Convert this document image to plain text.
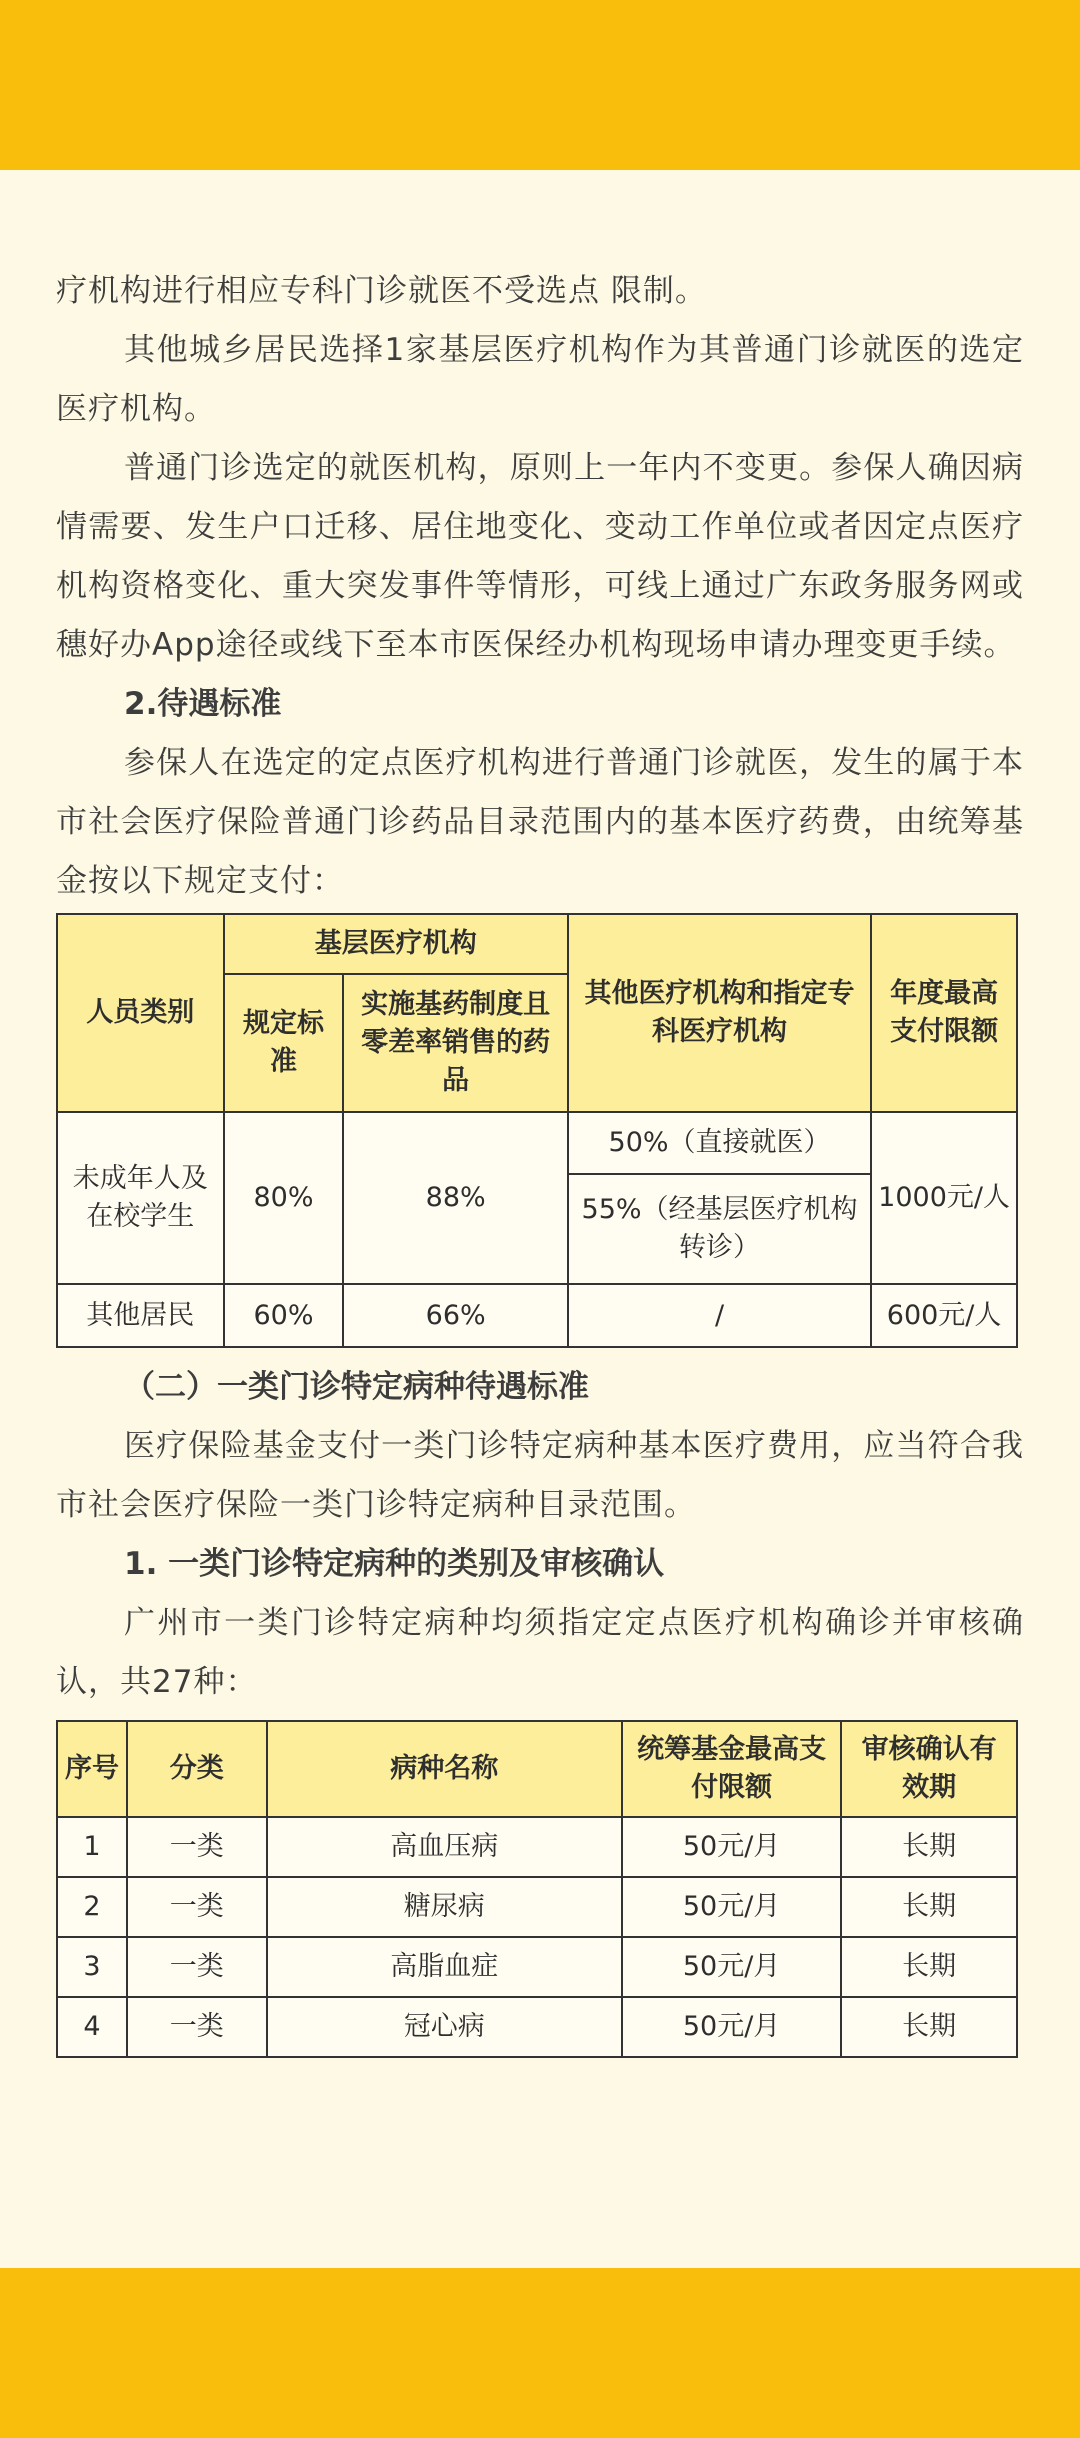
疗机构进行相应专科门诊就医不受选点 限制。

其他城乡居民选择1家基层医疗机构作为其普通门诊就医的选定医疗机构。

普通门诊选定的就医机构，原则上一年内不变更。参保人确因病情需要、发生户口迁移、居住地变化、变动工作单位或者因定点医疗机构资格变化、重大突发事件等情形，可线上通过广东政务服务网或穗好办App途径或线下至本市医保经办机构现场申请办理变更手续。

2.待遇标准

参保人在选定的定点医疗机构进行普通门诊就医，发生的属于本市社会医疗保险普通门诊药品目录范围内的基本医疗药费，由统筹基金按以下规定支付：

人员类别	基层医疗机构		其他医疗机构和指定专科医疗机构	年度最高支付限额
	规定标准	实施基药制度且零差率销售的药品		
未成年人及在校学生	80%	88%	50%（直接就医）	1000元/人
			55%（经基层医疗机构转诊）	
其他居民	60%	66%	/	600元/人

（二）一类门诊特定病种待遇标准

医疗保险基金支付一类门诊特定病种基本医疗费用，应当符合我市社会医疗保险一类门诊特定病种目录范围。

1. 一类门诊特定病种的类别及审核确认

广州市一类门诊特定病种均须指定定点医疗机构确诊并审核确认，共27种：

序号	分类	病种名称	统筹基金最高支付限额	审核确认有效期
1	一类	高血压病	50元/月	长期
2	一类	糖尿病	50元/月	长期
3	一类	高脂血症	50元/月	长期
4	一类	冠心病	50元/月	长期
